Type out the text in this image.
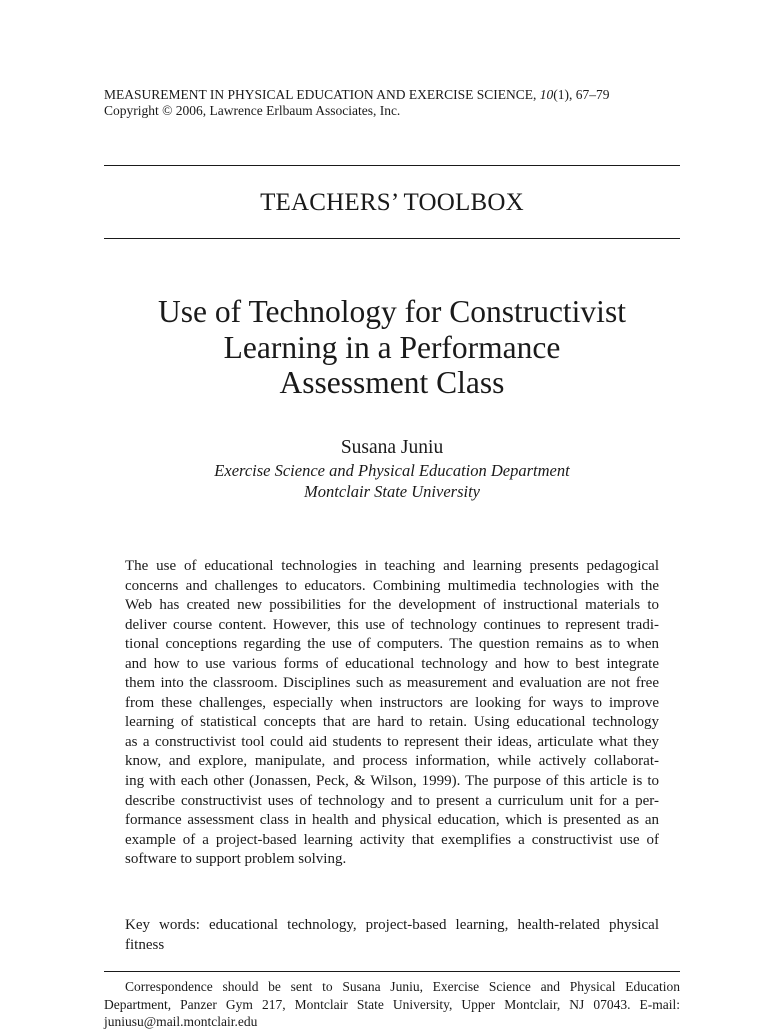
MEASUREMENT IN PHYSICAL EDUCATION AND EXERCISE SCIENCE, 10(1), 67–79
Copyright © 2006, Lawrence Erlbaum Associates, Inc.
TEACHERS’ TOOLBOX
Use of Technology for Constructivist
Learning in a Performance
Assessment Class
Susana Juniu
Exercise Science and Physical Education Department
Montclair State University
The use of educational technologies in teaching and learning presents pedagogical
concerns and challenges to educators. Combining multimedia technologies with the
Web has created new possibilities for the development of instructional materials to
deliver course content. However, this use of technology continues to represent tradi-
tional conceptions regarding the use of computers. The question remains as to when
and how to use various forms of educational technology and how to best integrate
them into the classroom. Disciplines such as measurement and evaluation are not free
from these challenges, especially when instructors are looking for ways to improve
learning of statistical concepts that are hard to retain. Using educational technology
as a constructivist tool could aid students to represent their ideas, articulate what they
know, and explore, manipulate, and process information, while actively collaborat-
ing with each other (Jonassen, Peck, & Wilson, 1999). The purpose of this article is to
describe constructivist uses of technology and to present a curriculum unit for a per-
formance assessment class in health and physical education, which is presented as an
example of a project-based learning activity that exemplifies a constructivist use of
software to support problem solving.
Key words: educational technology, project-based learning, health-related physical
fitness
Correspondence should be sent to Susana Juniu, Exercise Science and Physical Education
Department, Panzer Gym 217, Montclair State University, Upper Montclair, NJ 07043. E-mail:
juniusu@mail.montclair.edu
